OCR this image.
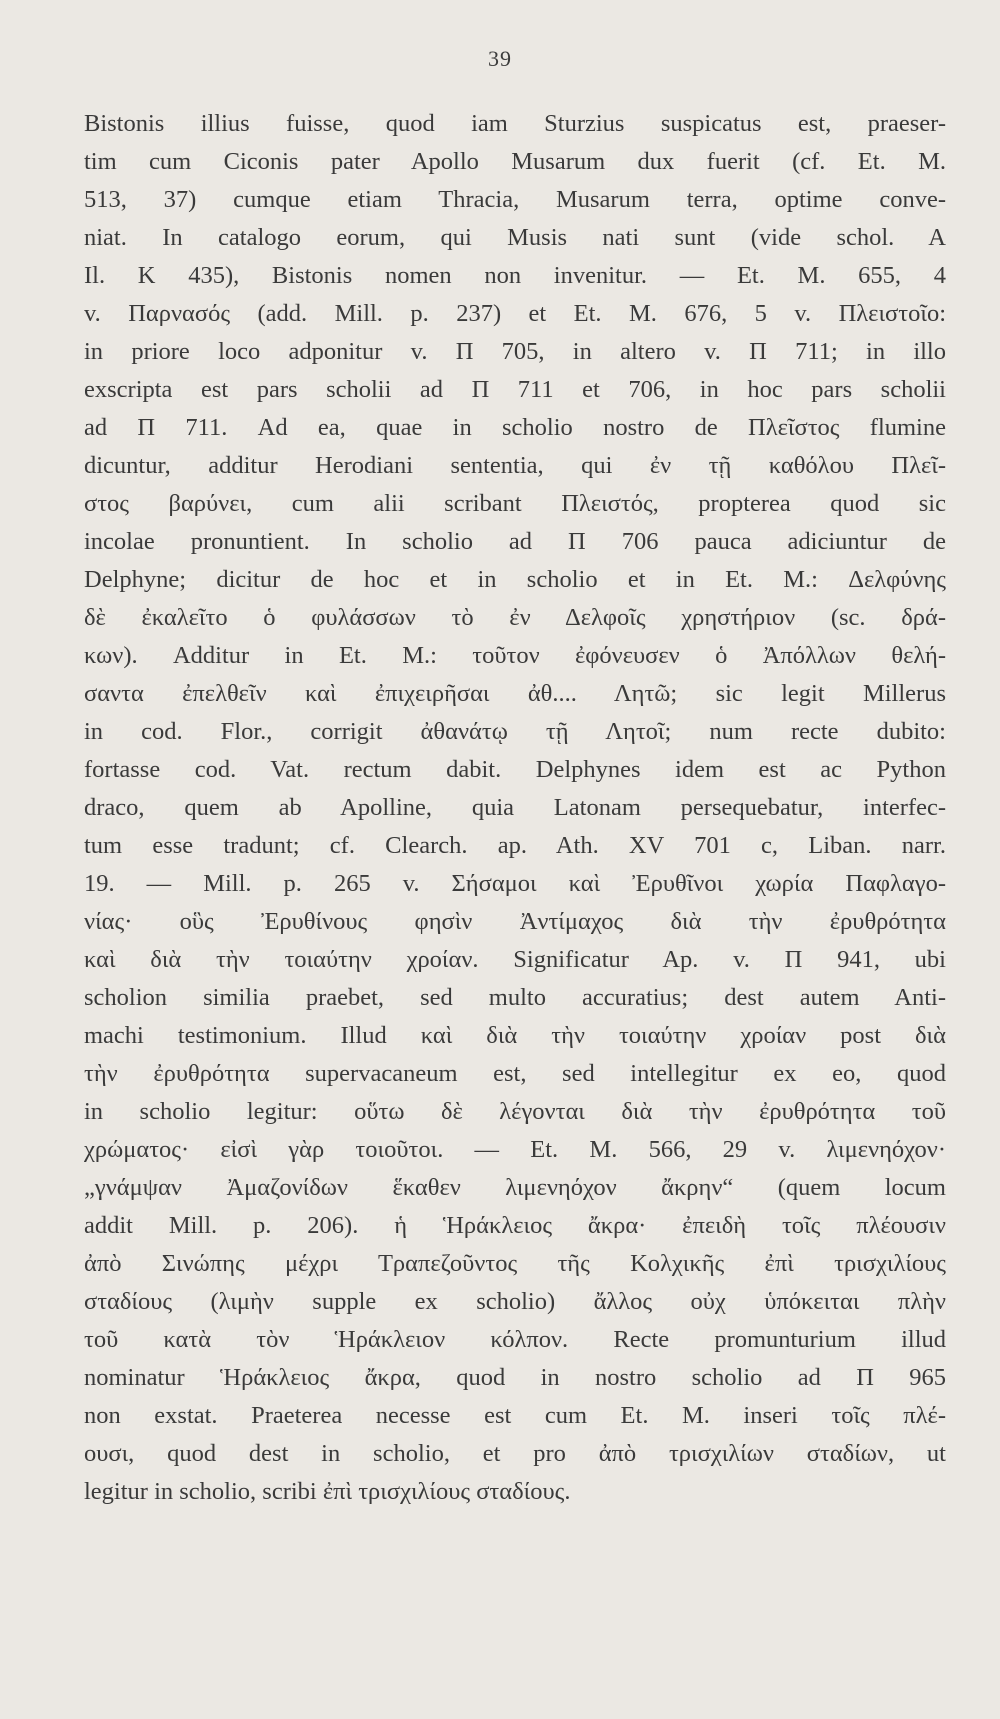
39
Bistonis illius fuisse, quod iam Sturzius suspicatus est, praeser-
tim cum Ciconis pater Apollo Musarum dux fuerit (cf. Et. M.
513, 37) cumque etiam Thracia, Musarum terra, optime conve-
niat. In catalogo eorum, qui Musis nati sunt (vide schol. A
Il. K 435), Bistonis nomen non invenitur. — Et. M. 655, 4
v. Παρνασός (add. Mill. p. 237) et Et. M. 676, 5 v. Πλειστοῖο:
in priore loco adponitur v. Π 705, in altero v. Π 711; in illo
exscripta est pars scholii ad Π 711 et 706, in hoc pars scholii
ad Π 711. Ad ea, quae in scholio nostro de Πλεῖστος flumine
dicuntur, additur Herodiani sententia, qui ἐν τῇ καθόλου Πλεῖ-
στος βαρύνει, cum alii scribant Πλειστός, propterea quod sic
incolae pronuntient. In scholio ad Π 706 pauca adiciuntur de
Delphyne; dicitur de hoc et in scholio et in Et. M.: Δελφύνης
δὲ ἐκαλεῖτο ὁ φυλάσσων τὸ ἐν Δελφοῖς χρηστήριον (sc. δρά-
κων). Additur in Et. M.: τοῦτον ἐφόνευσεν ὁ Ἀπόλλων θελή-
σαντα ἐπελθεῖν καὶ ἐπιχειρῆσαι ἀθ.... Λητῶ; sic legit Millerus
in cod. Flor., corrigit ἀθανάτῳ τῇ Λητοῖ; num recte dubito:
fortasse cod. Vat. rectum dabit. Delphynes idem est ac Python
draco, quem ab Apolline, quia Latonam persequebatur, interfec-
tum esse tradunt; cf. Clearch. ap. Ath. XV 701 c, Liban. narr.
19. — Mill. p. 265 v. Σήσαμοι καὶ Ἐρυθῖνοι χωρία Παφλαγο-
νίας· οὓς Ἐρυθίνους φησὶν Ἀντίμαχος διὰ τὴν ἐρυθρότητα
καὶ διὰ τὴν τοιαύτην χροίαν. Significatur Ap. v. Π 941, ubi
scholion similia praebet, sed multo accuratius; dest autem Anti-
machi testimonium. Illud καὶ διὰ τὴν τοιαύτην χροίαν post διὰ
τὴν ἐρυθρότητα supervacaneum est, sed intellegitur ex eo, quod
in scholio legitur: οὕτω δὲ λέγονται διὰ τὴν ἐρυθρότητα τοῦ
χρώματος· εἰσὶ γὰρ τοιοῦτοι. — Et. M. 566, 29 v. λιμενηόχον·
„γνάμψαν Ἀμαζονίδων ἕκαθεν λιμενηόχον ἄκρην“ (quem locum
addit Mill. p. 206). ἡ Ἡράκλειος ἄκρα· ἐπειδὴ τοῖς πλέουσιν
ἀπὸ Σινώπης μέχρι Τραπεζοῦντος τῆς Κολχικῆς ἐπὶ τρισχιλίους
σταδίους (λιμὴν supple ex scholio) ἄλλος οὐχ ὑπόκειται πλὴν
τοῦ κατὰ τὸν Ἡράκλειον κόλπον. Recte promunturium illud
nominatur Ἡράκλειος ἄκρα, quod in nostro scholio ad Π 965
non exstat. Praeterea necesse est cum Et. M. inseri τοῖς πλέ-
ουσι, quod dest in scholio, et pro ἀπὸ τρισχιλίων σταδίων, ut
legitur in scholio, scribi ἐπὶ τρισχιλίους σταδίους.
